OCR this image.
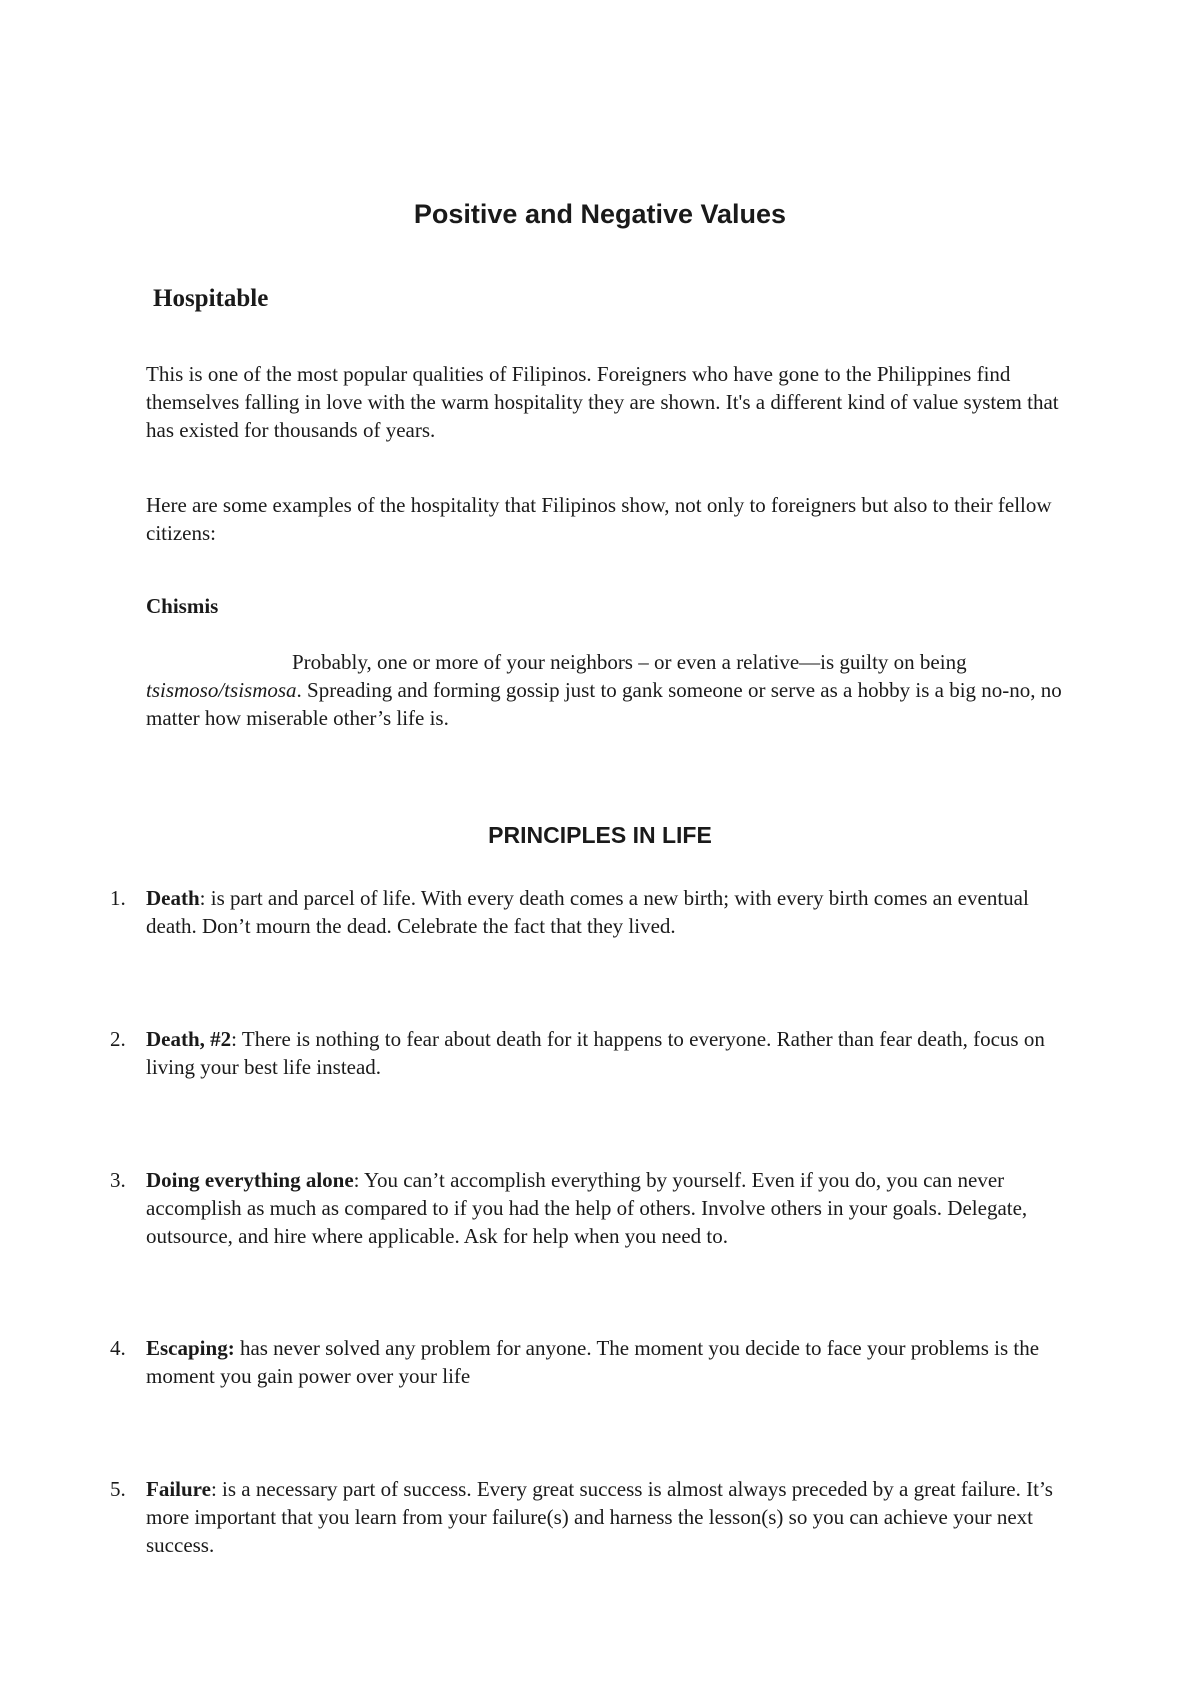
Positive and Negative Values
Hospitable

This is one of the most popular qualities of Filipinos. Foreigners who have gone to the Philippines find themselves falling in love with the warm hospitality they are shown. It's a different kind of value system that has existed for thousands of years.

Here are some examples of the hospitality that Filipinos show, not only to foreigners but also to their fellow citizens:

Chismis

Probably, one or more of your neighbors – or even a relative—is guilty on being tsismoso/tsismosa. Spreading and forming gossip just to gank someone or serve as a hobby is a big no-no, no matter how miserable other’s life is.

PRINCIPLES IN LIFE
1. Death: is part and parcel of life. With every death comes a new birth; with every birth comes an eventual death. Don’t mourn the dead. Celebrate the fact that they lived.
2. Death, #2: There is nothing to fear about death for it happens to everyone. Rather than fear death, focus on living your best life instead.
3. Doing everything alone: You can’t accomplish everything by yourself. Even if you do, you can never accomplish as much as compared to if you had the help of others. Involve others in your goals. Delegate, outsource, and hire where applicable. Ask for help when you need to.
4. Escaping: has never solved any problem for anyone. The moment you decide to face your problems is the moment you gain power over your life
5. Failure: is a necessary part of success. Every great success is almost always preceded by a great failure. It’s more important that you learn from your failure(s) and harness the lesson(s) so you can achieve your next success.
